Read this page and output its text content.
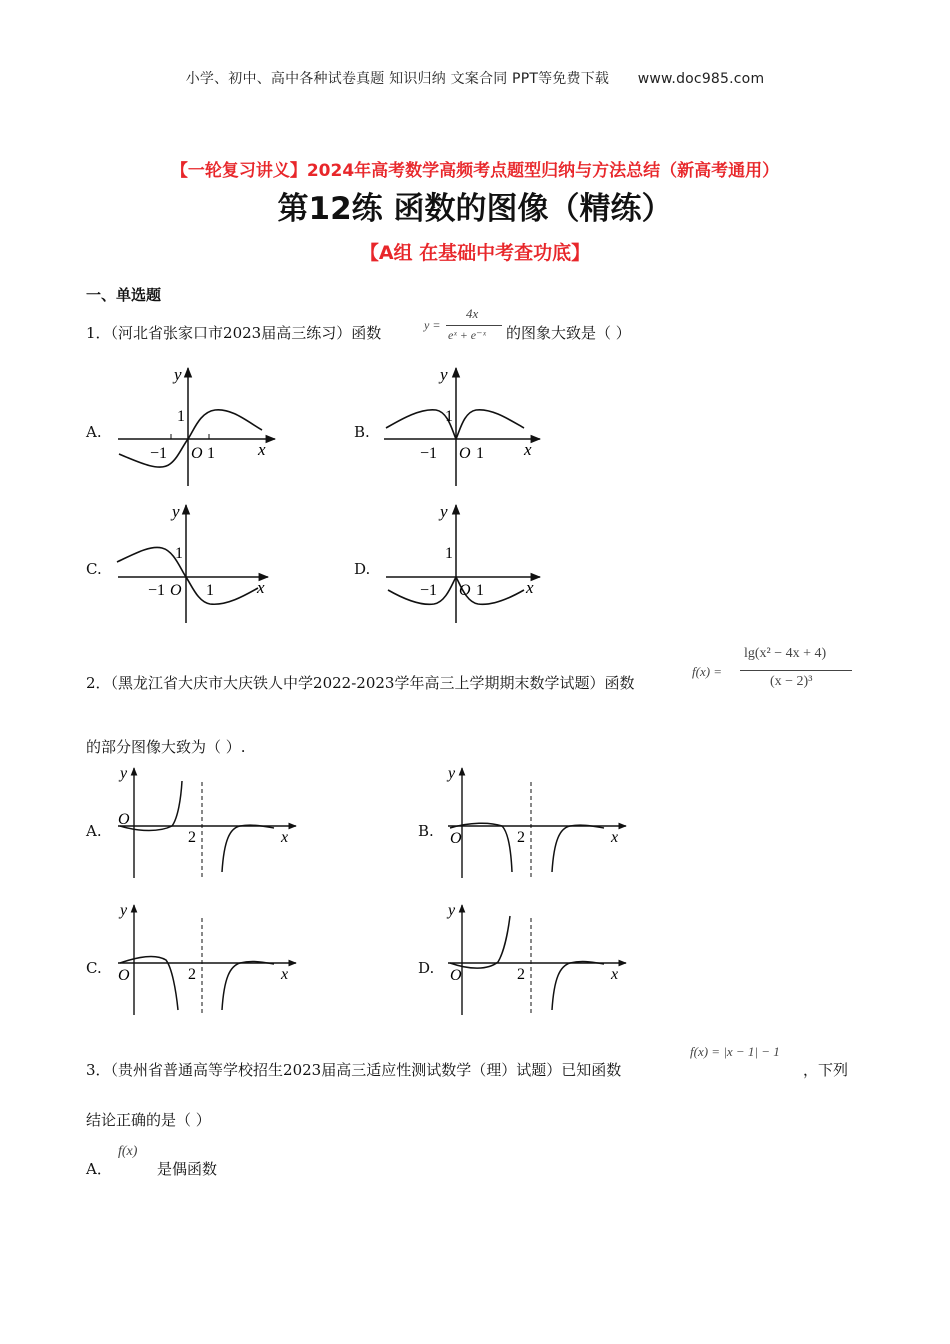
小学、初中、高中各种试卷真题 知识归纳 文案合同 PPT等免费下载 www.doc985.com
【一轮复习讲义】2024年高考数学高频考点题型归纳与方法总结（新高考通用）
第12练 函数的图像（精练）
【A组 在基础中考查功底】
一、单选题
1．（河北省张家口市2023届高三练习）函数	y =
4x
eˣ + e⁻ˣ 的图象大致是（ ）
−1 O 1
1
x
y
−1 O 1
1
x
y
−1 O 1
1
x
y
−1 O 1
1
x
y
A.	B.
C.	D.
2．（黑龙江省大庆市大庆铁人中学2022-2023学年高三上学期期末数学试题）函数
f(x) =
lg(x² − 4x + 4)
(x − 2)³
的部分图像大致为（ ）.
O
2	x
y
O	2	x
y
O	2	x
y
O	2	x
y
A.	B.
C.	D.
3．（贵州省普通高等学校招生2023届高三适应性测试数学（理）试题）已知函数
f(x) = |x − 1| − 1
，下列
结论正确的是（ ）
A．
f(x)
是偶函数
